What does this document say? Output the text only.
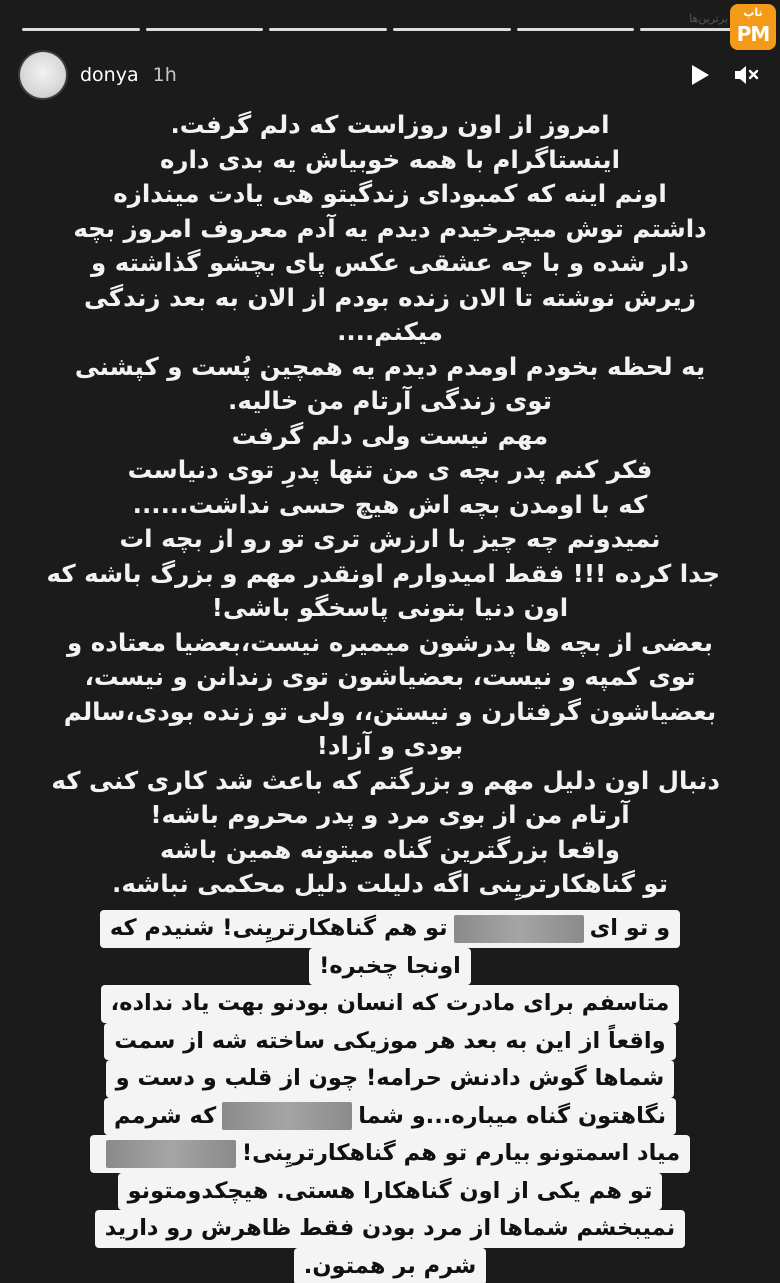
برترین‌ها	تاپ
PM
donya 1h
امروز از اون روزاست که دلم گرفت.
اینستاگرام با همه خوبیاش یه بدی داره
اونم اینه که کمبودای زندگیتو هی یادت میندازه
داشتم توش میچرخیدم دیدم یه آدم معروف امروز بچه
دار شده و با چه عشقی عکس پای بچشو گذاشته و
زیرش نوشته تا الان زنده بودم از الان به بعد زندگی
میکنم....
یه لحظه بخودم اومدم دیدم یه همچین پُست و کپشنی
توی زندگی آرتام من خالیه.
مهم نیست ولی دلم گرفت
فکر کنم پدر بچه ی من تنها پدرِ توی دنیاست
که با اومدن بچه اش هیچ حسی نداشت......
نمیدونم چه چیز با ارزش تری تو رو از بچه ات
جدا کرده !!! فقط امیدوارم اونقدر مهم و بزرگ باشه که
اون دنیا بتونی پاسخگو باشی!
بعضی از بچه ها پدرشون میمیره نیست،بعضیا معتاده و
توی کمپه و نیست، بعضیاشون توی زندانن و نیست،
بعضیاشون گرفتارن و نیستن،، ولی تو زنده بودی،سالم
بودی و آزاد!
دنبال اون دلیل مهم و بزرگتم که باعث شد کاری کنی که
آرتام من از بوی مرد و پدر محروم باشه!
واقعا بزرگترین گناه میتونه همین باشه
تو گناهکارتریِنی اگه دلیلت دلیل محکمی نباشه.
و تو ایتو هم گناهکارتریِنی! شنیدم که
اونجا چخبره!
متاسفم برای مادرت که انسان بودنو بهت یاد نداده،
واقعاً از این به بعد هر موزیکی ساخته شه از سمت
شماها گوش دادنش حرامه! چون از قلب و دست و
نگاهتون گناه میباره...و شماکه شرمم
میاد اسمتونو بیارم تو هم گناهکارتریِنی!
تو هم یکی از اون گناهکارا هستی. هیچکدومتونو
نمیبخشم شماها از مرد بودن فقط ظاهرش رو دارید
شرم بر همتون.
